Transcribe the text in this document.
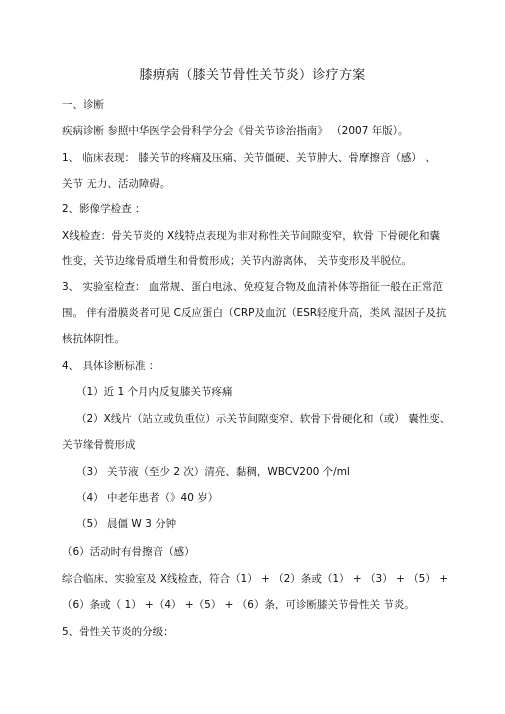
膝痹病（膝关节骨性关节炎）诊疗方案
一、诊断
疾病诊断 参照中华医学会骨科学分会《骨关节诊治指南》 （2007 年版）。
1、 临床表现： 膝关节的疼痛及压痛、关节僵硬、关节肿大、骨摩擦音（感） 、
关节 无力、活动障碍。
2、影像学检查 ：
X线检查：骨关节炎的 X线特点表现为非对称性关节间隙变窄，软骨 下骨硬化和囊
性变，关节边缘骨质增生和骨赘形成；关节内游离体， 关节变形及半脱位。
3、 实验室检查： 血常规、蛋白电泳、免疫复合物及血清补体等指征一般在正常范
围。 伴有滑膜炎者可见 C反应蛋白（CRP及血沉（ESR轻度升高，类风 湿因子及抗
核抗体阴性。
4、 具体诊断标准 ：
（1）近 1 个月内反复膝关节疼痛
（2）X线片（站立或负重位）示关节间隙变窄、软骨下骨硬化和（或） 囊性变、
关节缘骨赘形成
（3） 关节液（至少 2 次）清亮、黏稠，WBCV200 个/ml
（4） 中老年患者（》40 岁）
（5） 晨僵 W 3 分钟
（6）活动时有骨擦音（感）
综合临床、实验室及 X线检查，符合（1） + （2）条或（1） + （3） + （5） +
（6）条或（ 1） +（4） +（5） + （6）条，可诊断膝关节骨性关 节炎。
5、骨性关节炎的分级：
